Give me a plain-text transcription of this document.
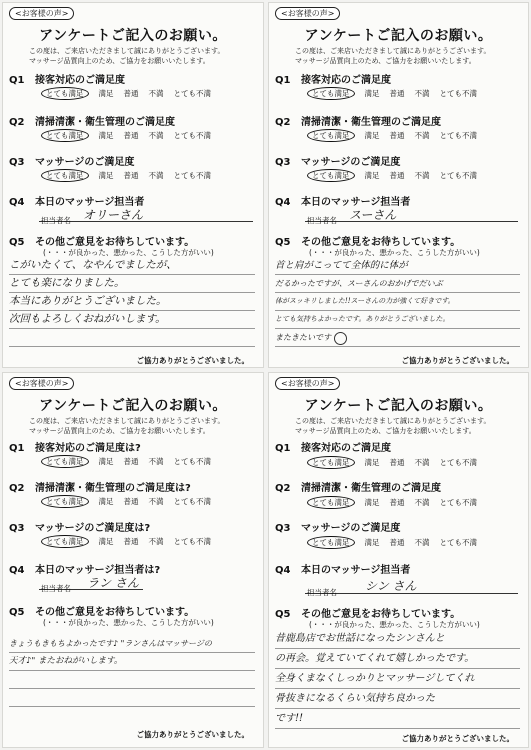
<お客様の声>
アンケートご記入のお願い。
この度は、ご来店いただきまして誠にありがとうございます。
マッサージ品質向上のため、ご協力をお願いいたします。
Q1 接客対応のご満足度
とても満足 満足 普通 不満 とても不満
Q2 清掃清潔・衛生管理のご満足度
とても満足 満足 普通 不満 とても不満
Q3 マッサージのご満足度
とても満足 満足 普通 不満 とても不満
Q4 本日のマッサージ担当者
担当者名 オリーさん
Q5 その他ご意見をお待ちしています。
(・・・が良かった、悪かった、こうした方がいい)
こがいたくて、なやんでましたが、
とても楽になりました。
本当にありがとうございました。
次回もよろしくおねがいします。
ご協力ありがとうございました。
<お客様の声>
アンケートご記入のお願い。
この度は、ご来店いただきまして誠にありがとうございます。
マッサージ品質向上のため、ご協力をお願いいたします。
Q1 接客対応のご満足度
とても満足 満足 普通 不満 とても不満
Q2 清掃清潔・衛生管理のご満足度
とても満足 満足 普通 不満 とても不満
Q3 マッサージのご満足度
とても満足 満足 普通 不満 とても不満
Q4 本日のマッサージ担当者
担当者名 スーさん
Q5 その他ご意見をお待ちしています。
(・・・が良かった、悪かった、こうした方がいい)
首と肩がこってて全体的に体が
だるかったですが、スーさんのおかげでだいぶ
体がスッキリしました!!スーさんの力が強くて好きです。
とても気持ちよかったです。ありがとうございました。
またきたいです
ご協力ありがとうございました。
<お客様の声>
アンケートご記入のお願い。
この度は、ご来店いただきまして誠にありがとうございます。
マッサージ品質向上のため、ご協力をお願いいたします。
Q1 接客対応のご満足度は?
とても満足 満足 普通 不満 とても不満
Q2 清掃清潔・衛生管理のご満足度は?
とても満足 満足 普通 不満 とても不満
Q3 マッサージのご満足度は?
とても満足 満足 普通 不満 とても不満
Q4 本日のマッサージ担当者は?
担当者名 ラン さん
Q5 その他ご意見をお待ちしています。
(・・・が良かった、悪かった、こうした方がいい)
きょうもきもちよかったです♪ "ランさんはマッサージの
天才♪" またおねがいします。
ご協力ありがとうございました。
<お客様の声>
アンケートご記入のお願い。
この度は、ご来店いただきまして誠にありがとうございます。
マッサージ品質向上のため、ご協力をお願いいたします。
Q1 接客対応のご満足度
とても満足 満足 普通 不満 とても不満
Q2 清掃清潔・衛生管理のご満足度
とても満足 満足 普通 不満 とても不満
Q3 マッサージのご満足度
とても満足 満足 普通 不満 とても不満
Q4 本日のマッサージ担当者
担当者名 シン さん
Q5 その他ご意見をお待ちしています。
(・・・が良かった、悪かった、こうした方がいい)
昔鹿島店でお世話になったシンさんと
の再会。覚えていてくれて嬉しかったです。
全身くまなくしっかりとマッサージしてくれ
骨抜きになるくらい気持ち良かった
です!!
ご協力ありがとうございました。
